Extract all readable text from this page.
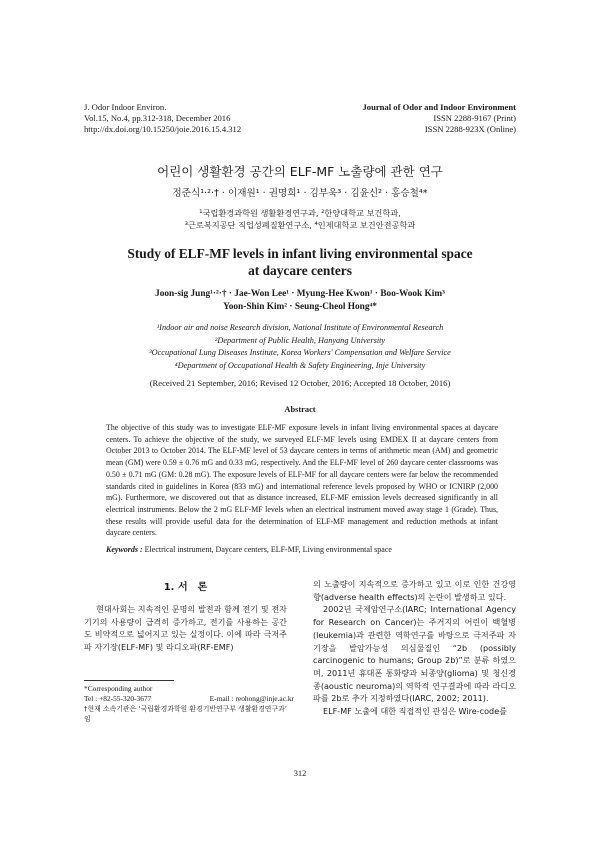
J. Odor Indoor Environ.
Vol.15, No.4, pp.312-318, December 2016
http://dx.doi.org/10.15250/joie.2016.15.4.312
Journal of Odor and Indoor Environment
ISSN 2288-9167 (Print)
ISSN 2288-923X (Online)
어린이 생활환경 공간의 ELF-MF 노출량에 관한 연구
정준식¹·²·† · 이재원¹ · 권명희¹ · 김부욱³ · 김윤신² · 홍승철⁴*
¹국립환경과학원 생활환경연구과, ²한양대학교 보건학과,
³근로복지공단 직업성폐질환연구소, ⁴인제대학교 보건안전공학과
Study of ELF-MF levels in infant living environmental space
at daycare centers
Joon-sig Jung¹·²·† · Jae-Won Lee¹ · Myung-Hee Kwon¹ · Boo-Wook Kim³
Yoon-Shin Kim² · Seung-Cheol Hong⁴*
¹Indoor air and noise Research division, National Institute of Environmental Research
²Department of Public Health, Hanyang University
³Occupational Lung Diseases Institute, Korea Workers' Compensation and Welfare Service
⁴Department of Occupational Health & Safety Engineering, Inje University
(Received 21 September, 2016; Revised 12 October, 2016; Accepted 18 October, 2016)
Abstract
The objective of this study was to investigate ELF-MF exposure levels in infant living environmental spaces at daycare centers. To achieve the objective of the study, we surveyed ELF-MF levels using EMDEX II at daycare centers from October 2013 to October 2014. The ELF-MF level of 53 daycare centers in terms of arithmetic mean (AM) and geometric mean (GM) were 0.59 ± 0.76 mG and 0.33 mG, respectively. And the ELF-MF level of 260 daycare center classrooms was 0.50 ± 0.71 mG (GM: 0.28 mG). The exposure levels of ELF-MF for all daycare centers were far below the recommended standards cited in guidelines in Korea (833 mG) and international reference levels proposed by WHO or ICNIRP (2,000 mG). Furthermore, we discovered out that as distance increased, ELF-MF emission levels decreased significantly in all electrical instruments. Below the 2 mG ELF-MF levels when an electrical instrument moved away stage 1 (Grade). Thus, these results will provide useful data for the determination of ELF-MF management and reduction methods at infant daycare centers.
Keywords : Electrical instrument, Daycare centers, ELF-MF, Living environmental space
1. 서　론
현대사회는 지속적인 문명의 발전과 함께 전기 및 전자기기의 사용량이 급격히 증가하고, 전기를 사용하는 공간도 비약적으로 넓어지고 있는 실정이다. 이에 따라 극저주파 자기장(ELF-MF) 및 라디오파(RF-EMF)
*Corresponding author
Tel : +82-55-320-3677	E-mail : reohong@inje.ac.kr
†현재 소속기관은 ‘국립환경과학원 환경기반연구부 생활환경연구과’ 임

의 노출량이 지속적으로 증가하고 있고 이로 인한 건강영향(adverse health effects)의 논란이 발생하고 있다.

2002년 국제암연구소(IARC; International Agency for Research on Cancer)는 주거지의 어린이 백혈병(leukemia)과 관련한 역학연구를 바탕으로 극저주파 자기장을 발암가능성 의심물질인 “2b (possibly carcinogenic to humans; Group 2b)”로 분류 하였으며, 2011년 휴대폰 통화량과 뇌종양(glioma) 및 청신경종(aoustic neuroma)의 역학적 연구결과에 따라 라디오파를 2b로 추가 지정하였다(IARC, 2002; 2011).

ELF-MF 노출에 대한 직접적인 관심은 Wire-code를

312
